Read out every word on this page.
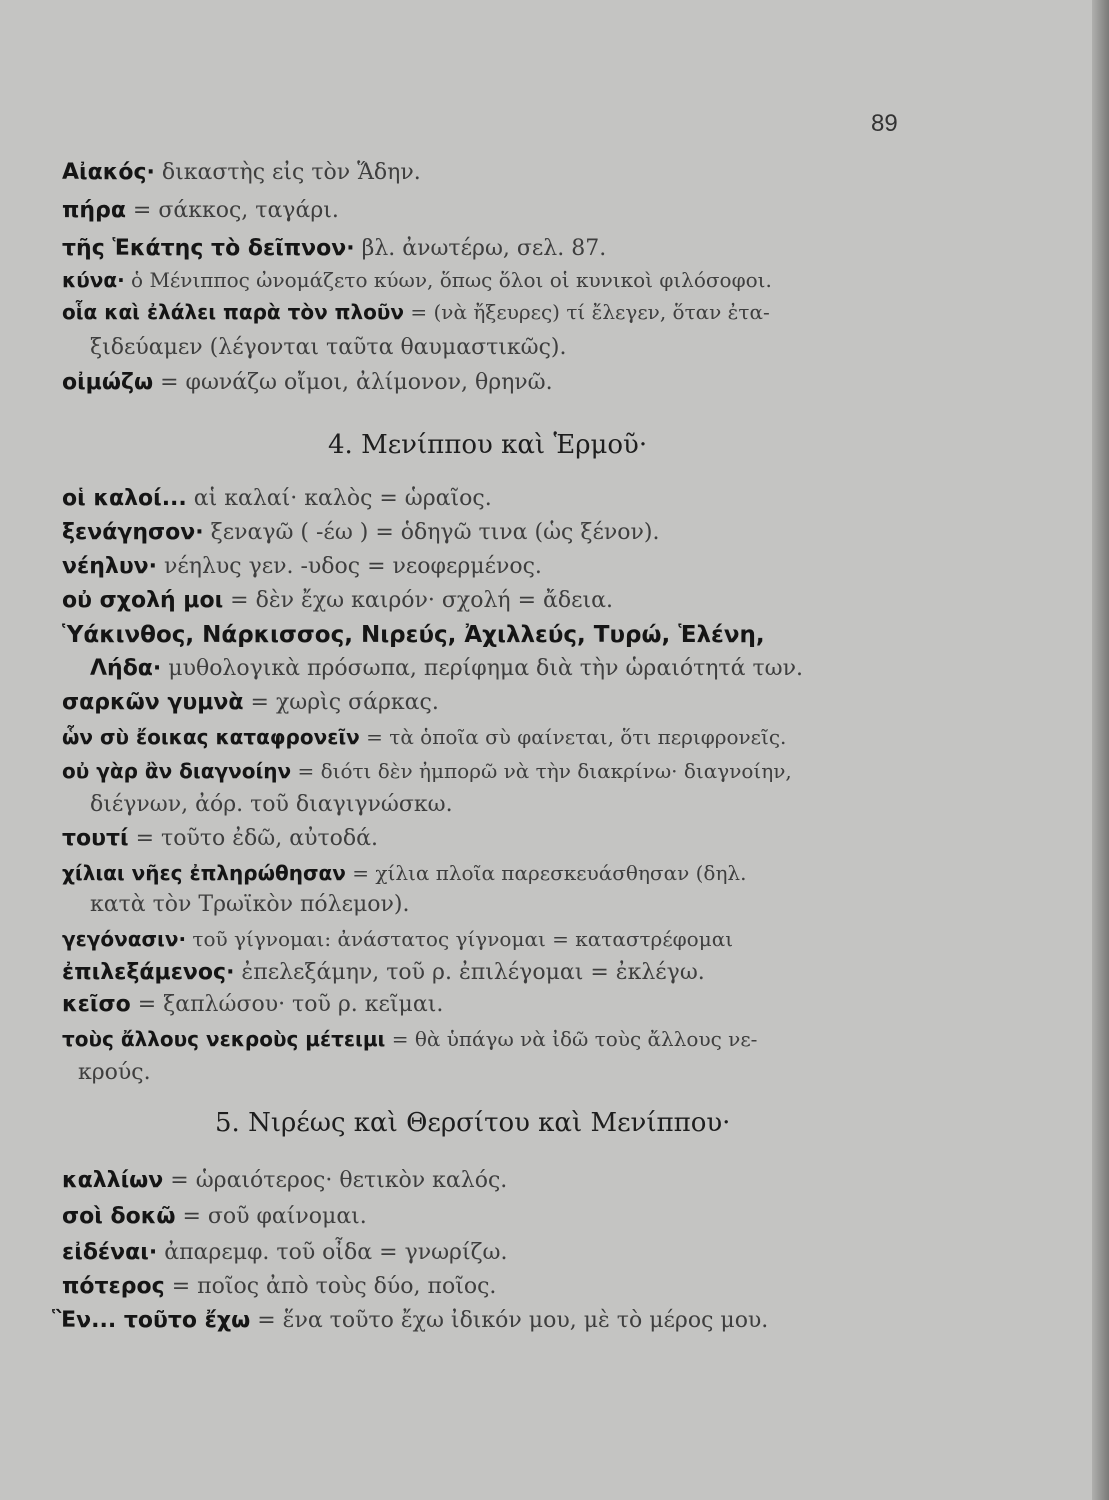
89
Αἰακός· δικαστὴς εἰς τὸν Ἅδην.
πήρα = σάκκος, ταγάρι.
τῆς Ἑκάτης τὸ δεῖπνον· βλ. ἀνωτέρω, σελ. 87.
κύνα· ὁ Μένιππος ὠνομάζετο κύων, ὅπως ὅλοι οἱ κυνικοὶ φιλόσοφοι.
οἷα καὶ ἐλάλει παρὰ τὸν πλοῦν = (νὰ ἤξευρες) τί ἔλεγεν, ὅταν ἐτα-
ξιδεύαμεν (λέγονται ταῦτα θαυμαστικῶς).
οἰμώζω = φωνάζω οἴμοι, ἀλίμονον, θρηνῶ.
4. Μενίππου καὶ Ἑρμοῦ·
οἱ καλοί... αἱ καλαί· καλὸς = ὡραῖος.
ξενάγησον· ξεναγῶ ( -έω ) = ὁδηγῶ τινα (ὡς ξένον).
νέηλυν· νέηλυς γεν. -υδος = νεοφερμένος.
οὐ σχολή μοι = δὲν ἔχω καιρόν· σχολή = ἄδεια.
Ὑάκινθος, Νάρκισσος, Νιρεύς, Ἀχιλλεύς, Τυρώ, Ἑλένη,
Λήδα· μυθολογικὰ πρόσωπα, περίφημα διὰ τὴν ὡραιότητά των.
σαρκῶν γυμνὰ = χωρὶς σάρκας.
ὧν σὺ ἔοικας καταφρονεῖν = τὰ ὁποῖα σὺ φαίνεται, ὅτι περιφρονεῖς.
οὐ γὰρ ἂν διαγνοίην = διότι δὲν ἠμπορῶ νὰ τὴν διακρίνω· διαγνοίην,
διέγνων, ἀόρ. τοῦ διαγιγνώσκω.
τουτί = τοῦτο ἐδῶ, αὐτοδά.
χίλιαι νῆες ἐπληρώθησαν = χίλια πλοῖα παρεσκευάσθησαν (δηλ.
κατὰ τὸν Τρωϊκὸν πόλεμον).
γεγόνασιν· τοῦ γίγνομαι: ἀνάστατος γίγνομαι = καταστρέφομαι
ἐπιλεξάμενος· ἐπελεξάμην, τοῦ ρ. ἐπιλέγομαι = ἐκλέγω.
κεῖσο = ξαπλώσου· τοῦ ρ. κεῖμαι.
τοὺς ἄλλους νεκροὺς μέτειμι = θὰ ὑπάγω νὰ ἰδῶ τοὺς ἄλλους νε-
κρούς.
5. Νιρέως καὶ Θερσίτου καὶ Μενίππου·
καλλίων = ὡραιότερος· θετικὸν καλός.
σοὶ δοκῶ = σοῦ φαίνομαι.
εἰδέναι· ἀπαρεμφ. τοῦ οἶδα = γνωρίζω.
πότερος = ποῖος ἀπὸ τοὺς δύο, ποῖος.
Ἓν... τοῦτο ἔχω = ἕνα τοῦτο ἔχω ἰδικόν μου, μὲ τὸ μέρος μου.
